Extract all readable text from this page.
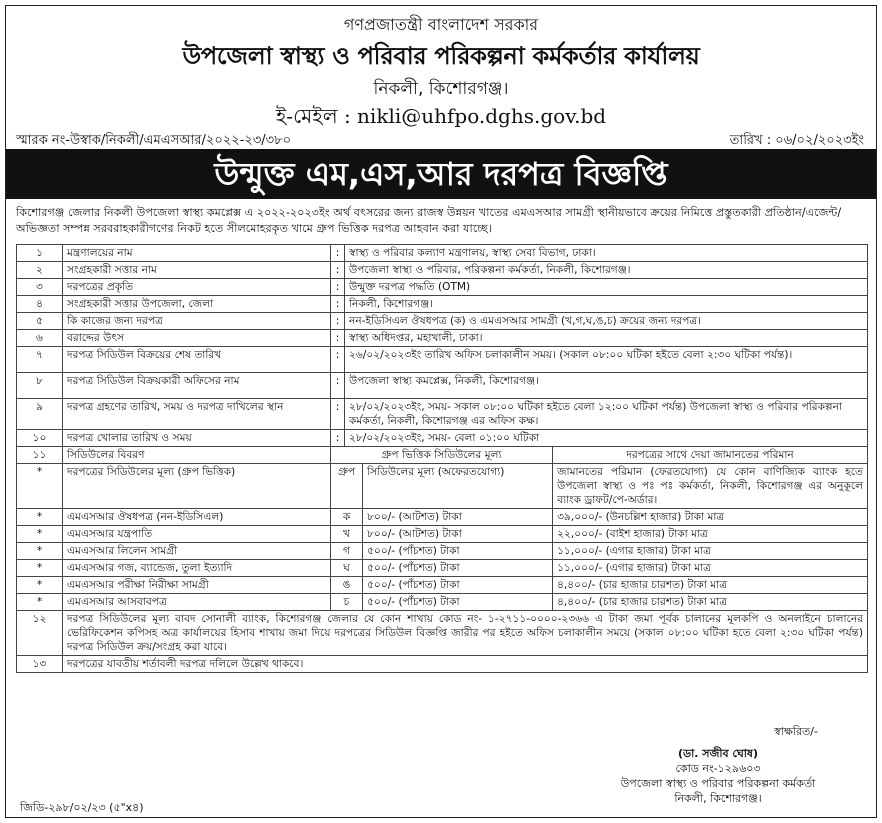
গণপ্রজাতন্ত্রী বাংলাদেশ সরকার
উপজেলা স্বাস্থ্য ও পরিবার পরিকল্পনা কর্মকর্তার কার্যালয়
নিকলী, কিশোরগঞ্জ।
ই-মেইল : nikli@uhfpo.dghs.gov.bd
স্মারক নং-উস্বাক/নিকলী/এমএসআর/২০২২-২৩/৩৮০	তারিখ : ০৬/০২/২০২৩ইং
উন্মুক্ত এম,এস,আর দরপত্র বিজ্ঞপ্তি
কিশোরগঞ্জ জেলার নিকলী উপজেলা স্বাস্থ্য কমপ্লেক্স এ ২০২২-২০২৩ইং অর্থ বৎসরের জন্য রাজস্ব উন্নয়ন খাতের এমএসআর সামগ্রী স্থানীয়ভাবে ক্রয়ের নিমিত্তে প্রস্তুতকারী প্রতিষ্ঠান/এজেন্ট/অভিজ্ঞতা সম্পন্ন সরবরাহকারীগণের নিকট হতে সীলমোহরকৃত খামে গ্রুপ ভিত্তিক দরপত্র আহবান করা যাচ্ছে।
১	মন্ত্রণালয়ের নাম	:	স্বাস্থ্য ও পরিবার কল্যাণ মন্ত্রণালয়, স্বাস্থ্য সেবা বিভাগ, ঢাকা।		
২	সংগ্রহকারী সত্তার নাম	:	উপজেলা স্বাস্থ্য ও পরিবার, পরিকল্পনা কর্মকর্তা, নিকলী, কিশোরগঞ্জ।		
৩	দরপত্রের প্রকৃতি	:	উন্মুক্ত দরপত্র পদ্ধতি (OTM)		
৪	সংগ্রহকারী সত্তার উপজেলা, জেলা	:	নিকলী, কিশোরগঞ্জ।		
৫	কি কাজের জন্য দরপত্র	:	নন-ইডিসিএল ঔষধপত্র (ক) ও এমএসআর সামগ্রী (খ,গ,ঘ,ঙ,চ) ক্রয়ের জন্য দরপত্র।		
৬	বরাদ্দের উৎস	:	স্বাস্থ্য অধিদপ্তর, মহাখালী, ঢাকা।		
৭	দরপত্র সিডিউল বিক্রয়ের শেষ তারিখ	:	২৬/০২/২০২৩ইং তারিখ অফিস চলাকালীন সময়। (সকাল ০৮:০০ ঘটিকা হইতে বেলা ২:৩০ ঘটিকা পর্যন্ত)।		
৮	দরপত্র সিডিউল বিক্রয়কারী অফিসের নাম	:	উপজেলা স্বাস্থ্য কমপ্লেক্স, নিকলী, কিশোরগঞ্জ।		
৯	দরপত্র গ্রহণের তারিখ, সময় ও দরপত্র দাখিলের স্থান	:	২৮/০২/২০২৩ইং, সময়- সকাল ০৮:০০ ঘটিকা হইতে বেলা ১২:০০ ঘটিকা পর্যন্ত) উপজেলা স্বাস্থ্য ও পরিবার পরিকল্পনা কর্মকর্তা, নিকলী, কিশোরগঞ্জ এর অফিস কক্ষ।		
১০	দরপত্র খোলার তারিখ ও সময়	:	২৮/০২/২০২৩ইং, সময়- বেলা ০১:০০ ঘটিকা		
১১	সিডিউলের বিবরণ	গ্রুপ ভিত্তিক সিডিউলের মূল্য			দরপত্রের সাথে দেয়া জামানতের পরিমান
*	দরপত্রের সিডিউলের মূল্য (গ্রুপ ভিত্তিক)	গ্রুপ		সিডিউলের মূল্য (অফেরতযোগ্য)	জামানতের পরিমান (ফেরতযোগ্য) যে কোন বাণিজ্যিক ব্যাংক হতে উপজেলা স্বাস্থ্য ও পঃ পঃ কর্মকর্তা, নিকলী, কিশোরগঞ্জ এর অনুকূলে ব্যাংক ড্রাফট/পে-অর্ডার।
*	এমএসআর ঔষধপত্র (নন-ইডিসিএল)	ক		৮০০/- (আটশত) টাকা	৩৯,০০০/- (উনচল্লিশ হাজার) টাকা মাত্র
*	এমএসআর যন্ত্রপাতি	খ		৮০০/- (আটশত) টাকা	২২,০০০/- (বাইশ হাজার) টাকা মাত্র
*	এমএসআর লিলেন সামগ্রী	গ		৫০০/- (পাঁচশত) টাকা	১১,০০০/- (এগার হাজার) টাকা মাত্র
*	এমএসআর গজ, ব্যান্ডেজ, তুলা ইত্যাদি	ঘ		৫০০/- (পাঁচশত) টাকা	১১,০০০/- (এগার হাজার) টাকা মাত্র
*	এমএসআর পরীক্ষা নিরীক্ষা সামগ্রী	ঙ		৫০০/- (পাঁচশত) টাকা	৪,৪০০/- (চার হাজার চারশত) টাকা মাত্র
*	এমএসআর আসবাবপত্র	চ		৫০০/- (পাঁচশত) টাকা	৪,৪০০/- (চার হাজার চারশত) টাকা মাত্র
১২	দরপত্র সিডিউলের মূল্য বাবদ সোনালী ব্যাংক, কিশোরগঞ্জ জেলার যে কোন শাখায় কোড নং- ১-২৭১১-০০০০-২৩৬৬ এ টাকা জমা পূর্বক চালানের মূলকপি ও অনলাইনে চালানের ভেরিফিকেশন কপিসহ অত্র কার্যালয়ের হিসাব শাখায় জমা দিয়ে দরপত্রের সিডিউল বিজ্ঞপ্তি জারীর পর হইতে অফিস চলাকালীন সময়ে (সকাল ০৮:০০ ঘটিকা হতে বেলা ২:৩০ ঘটিকা পর্যন্ত) দরপত্র সিডিউল ক্রয়/সংগ্রহ করা যাবে।				
১৩	দরপত্রের যাবতীয় শর্তাবলী দরপত্র দলিলে উল্লেখ থাকবে।				
স্বাক্ষরিত/-
(ডা. সজীব ঘোষ)
কোড নং-১২৯৬০৩
উপজেলা স্বাস্থ্য ও পরিবার পরিকল্পনা কর্মকর্তা
নিকলী, কিশোরগঞ্জ।
জিডি-২৯৮/০২/২৩ (৫"x৪)
